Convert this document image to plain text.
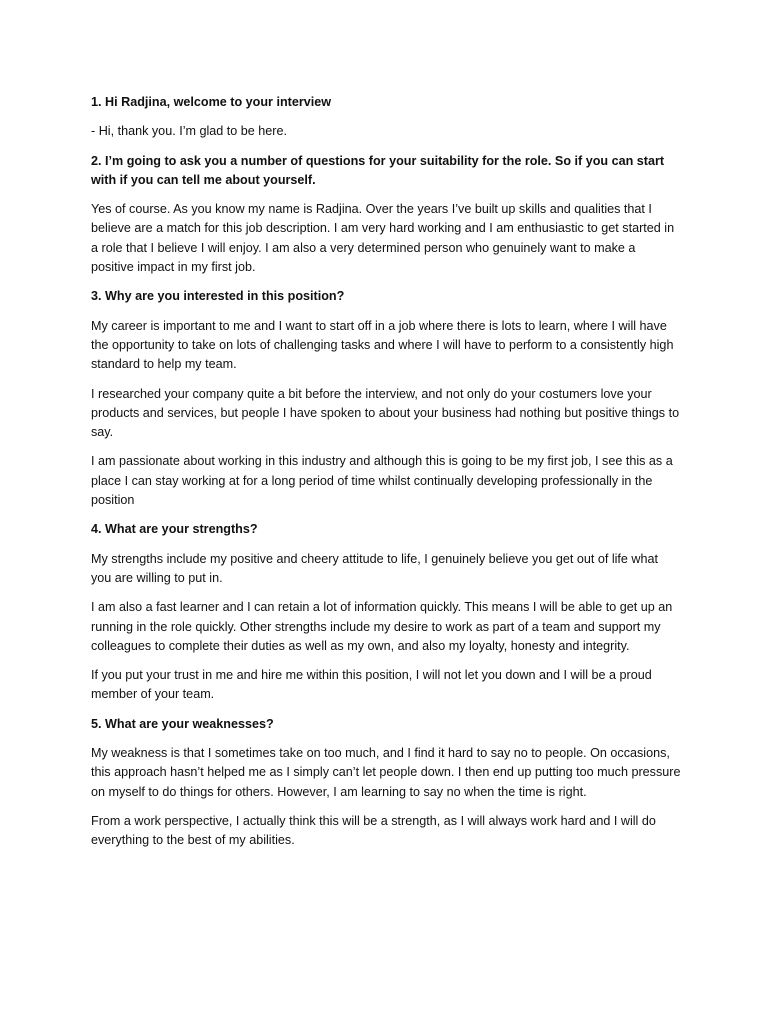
1. Hi Radjina, welcome to your interview

- Hi, thank you. I’m glad to be here.

2. I’m going to ask you a number of questions for your suitability for the role. So if you can start with if you can tell me about yourself.

Yes of course. As you know my name is Radjina. Over the years I’ve built up skills and qualities that I believe are a match for this job description. I am very hard working and I am enthusiastic to get started in a role that I believe I will enjoy. I am also a very determined person who genuinely want to make a positive impact in my first job.

3. Why are you interested in this position?

My career is important to me and I want to start off in a job where there is lots to learn, where I will have the opportunity to take on lots of challenging tasks and where I will have to perform to a consistently high standard to help my team.

I researched your company quite a bit before the interview, and not only do your costumers love your products and services, but people I have spoken to about your business had nothing but positive things to say.

I am passionate about working in this industry and although this is going to be my first job, I see this as a place I can stay working at for a long period of time whilst continually developing professionally in the position

4. What are your strengths?

My strengths include my positive and cheery attitude to life, I genuinely believe you get out of life what you are willing to put in.

I am also a fast learner and I can retain a lot of information quickly. This means I will be able to get up an running in the role quickly. Other strengths include my desire to work as part of a team and support my colleagues to complete their duties as well as my own, and also my loyalty, honesty and integrity.

If you put your trust in me and hire me within this position, I will not let you down and I will be a proud member of your team.

5. What are your weaknesses?

My weakness is that I sometimes take on too much, and I find it hard to say no to people. On occasions, this approach hasn’t helped me as I simply can’t let people down. I then end up putting too much pressure on myself to do things for others. However, I am learning to say no when the time is right.

From a work perspective, I actually think this will be a strength, as I will always work hard and I will do everything to the best of my abilities.
